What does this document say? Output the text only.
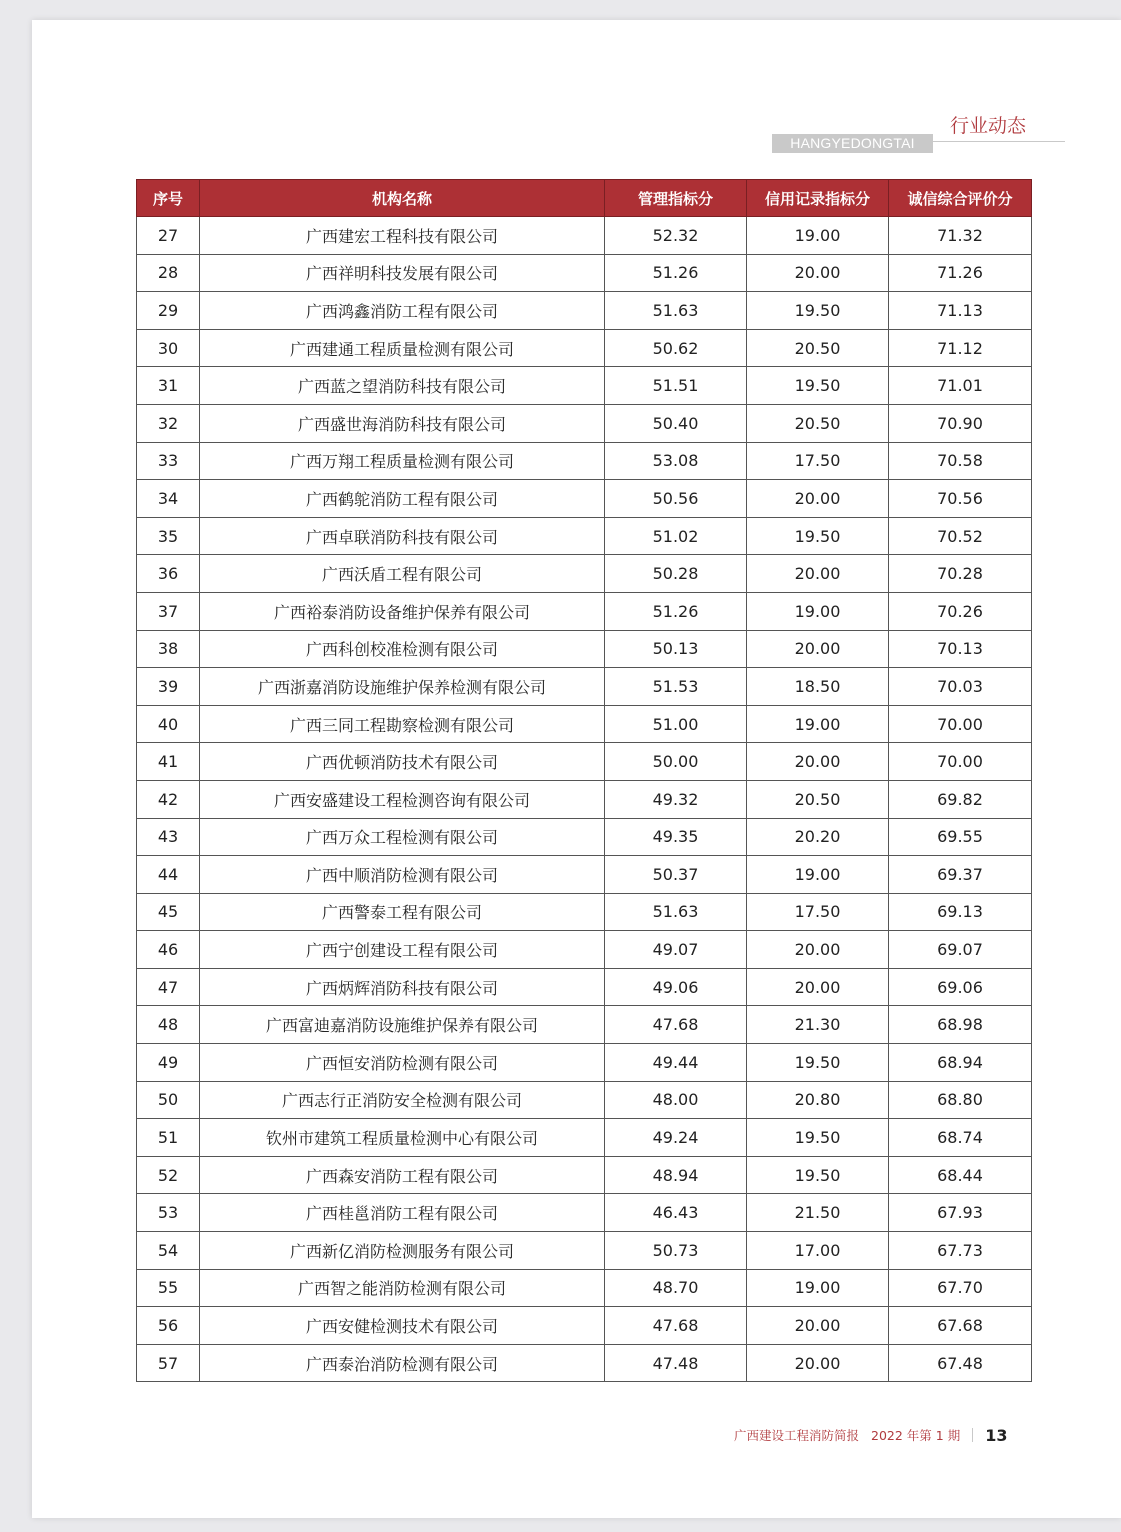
行业动态
HANGYEDONGTAI
序号	机构名称	管理指标分	信用记录指标分	诚信综合评价分
27	广西建宏工程科技有限公司	52.32	19.00	71.32
28	广西祥明科技发展有限公司	51.26	20.00	71.26
29	广西鸿鑫消防工程有限公司	51.63	19.50	71.13
30	广西建通工程质量检测有限公司	50.62	20.50	71.12
31	广西蓝之望消防科技有限公司	51.51	19.50	71.01
32	广西盛世海消防科技有限公司	50.40	20.50	70.90
33	广西万翔工程质量检测有限公司	53.08	17.50	70.58
34	广西鹤鸵消防工程有限公司	50.56	20.00	70.56
35	广西卓联消防科技有限公司	51.02	19.50	70.52
36	广西沃盾工程有限公司	50.28	20.00	70.28
37	广西裕泰消防设备维护保养有限公司	51.26	19.00	70.26
38	广西科创校准检测有限公司	50.13	20.00	70.13
39	广西浙嘉消防设施维护保养检测有限公司	51.53	18.50	70.03
40	广西三同工程勘察检测有限公司	51.00	19.00	70.00
41	广西优顿消防技术有限公司	50.00	20.00	70.00
42	广西安盛建设工程检测咨询有限公司	49.32	20.50	69.82
43	广西万众工程检测有限公司	49.35	20.20	69.55
44	广西中顺消防检测有限公司	50.37	19.00	69.37
45	广西警泰工程有限公司	51.63	17.50	69.13
46	广西宁创建设工程有限公司	49.07	20.00	69.07
47	广西炳辉消防科技有限公司	49.06	20.00	69.06
48	广西富迪嘉消防设施维护保养有限公司	47.68	21.30	68.98
49	广西恒安消防检测有限公司	49.44	19.50	68.94
50	广西志行正消防安全检测有限公司	48.00	20.80	68.80
51	钦州市建筑工程质量检测中心有限公司	49.24	19.50	68.74
52	广西森安消防工程有限公司	48.94	19.50	68.44
53	广西桂邕消防工程有限公司	46.43	21.50	67.93
54	广西新亿消防检测服务有限公司	50.73	17.00	67.73
55	广西智之能消防检测有限公司	48.70	19.00	67.70
56	广西安健检测技术有限公司	47.68	20.00	67.68
57	广西泰治消防检测有限公司	47.48	20.00	67.48
广西建设工程消防简报 2022 年第 1 期 13
